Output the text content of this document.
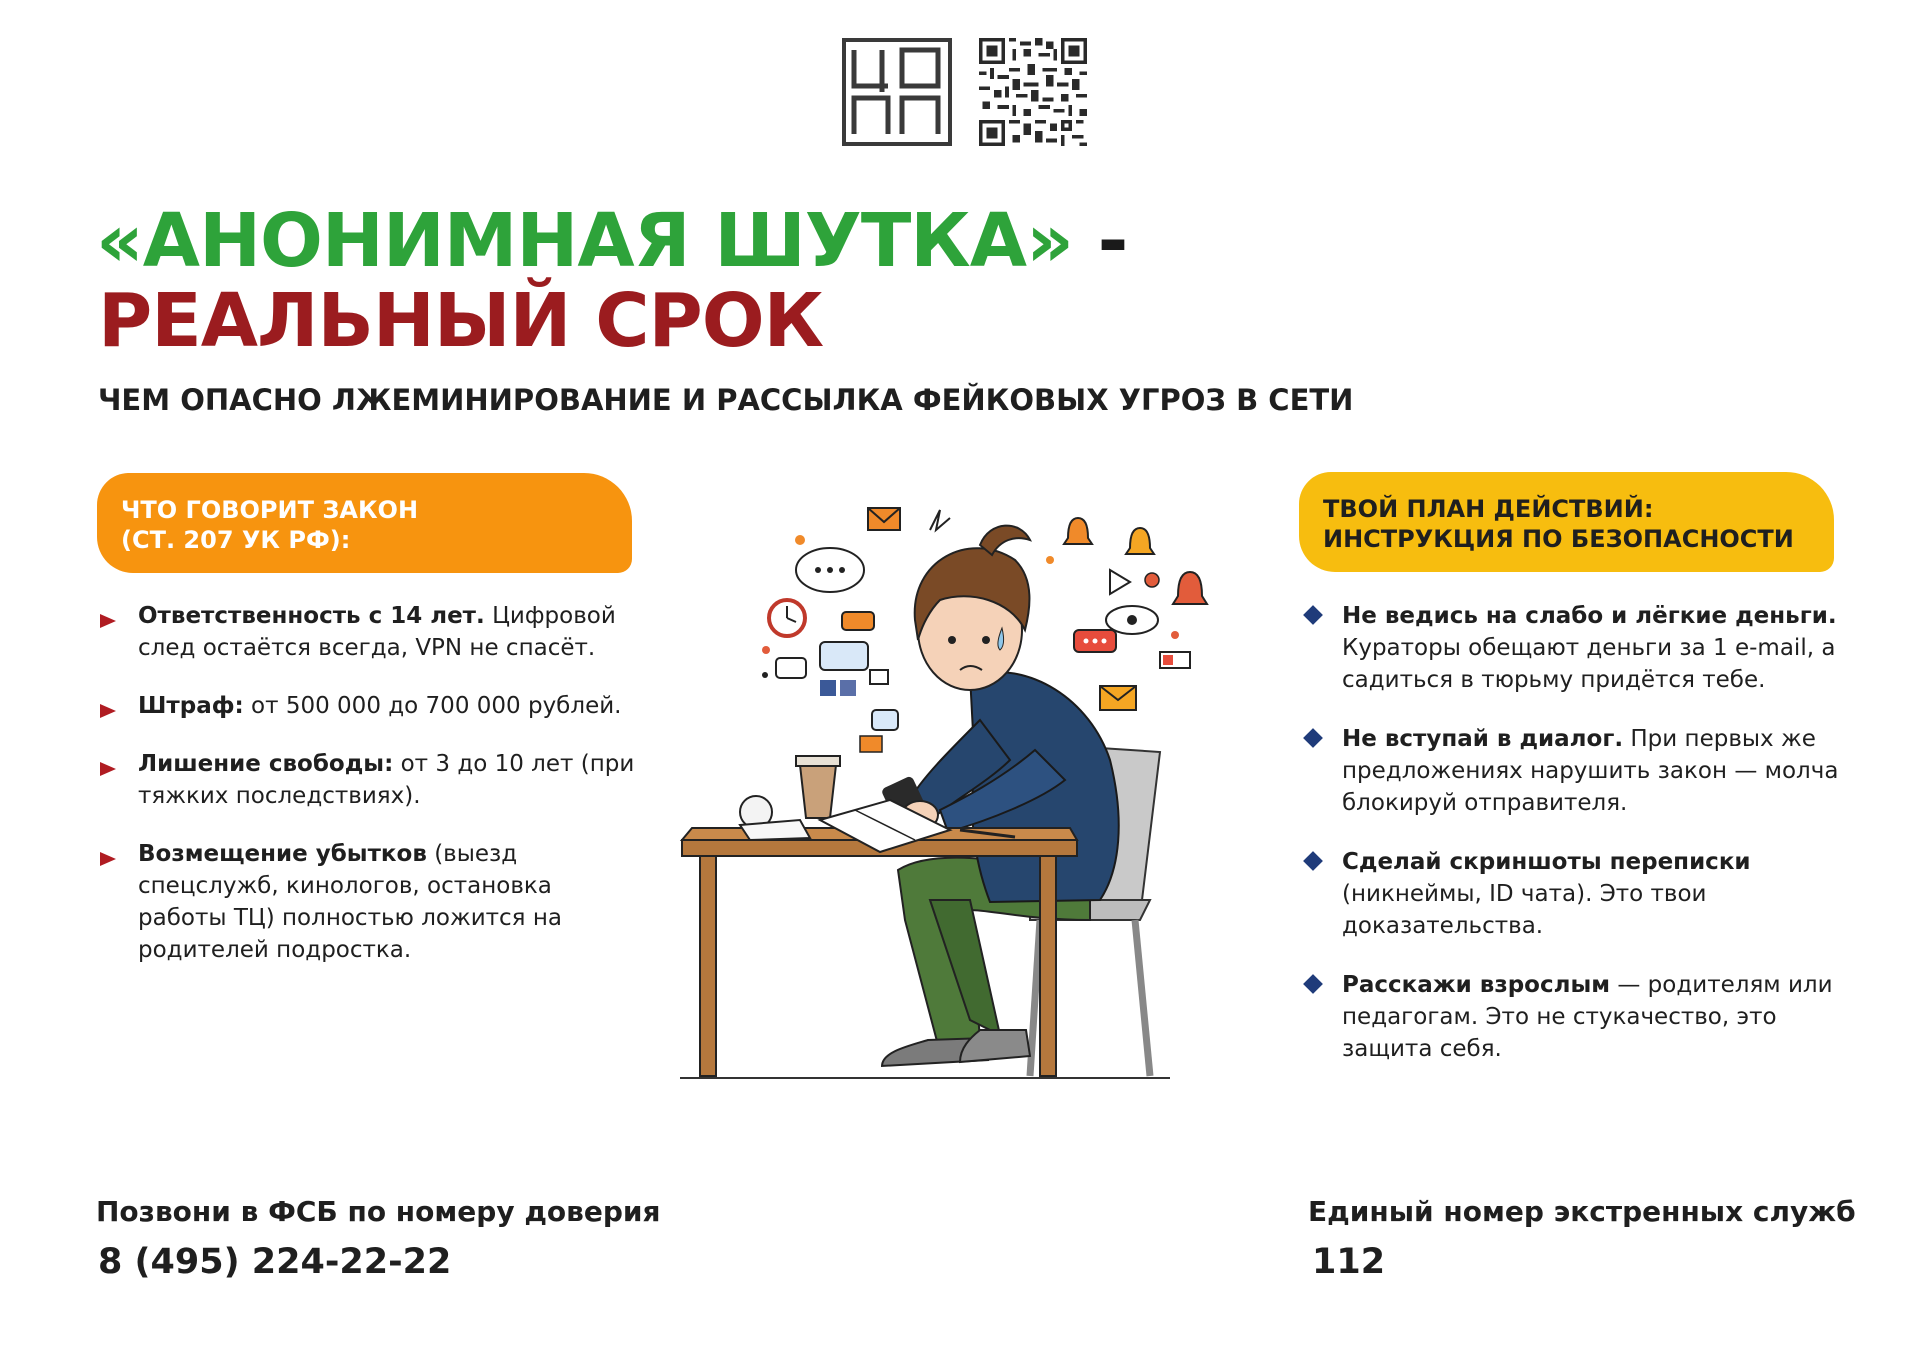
«АНОНИМНАЯ ШУТКА» -
РЕАЛЬНЫЙ СРОК
ЧЕМ ОПАСНО ЛЖЕМИНИРОВАНИЕ И РАССЫЛКА ФЕЙКОВЫХ УГРОЗ В СЕТИ
ЧТО ГОВОРИТ ЗАКОН
(СТ. 207 УК РФ):
Ответственность с 14 лет. Цифровой след остаётся всегда, VPN не спасёт.
Штраф: от 500 000 до 700 000 рублей.
Лишение свободы: от 3 до 10 лет (при тяжких последствиях).
Возмещение убытков (выезд спецслужб, кинологов, остановка работы ТЦ) полностью ложится на родителей подростка.
ТВОЙ ПЛАН ДЕЙСТВИЙ:
ИНСТРУКЦИЯ ПО БЕЗОПАСНОСТИ
Не ведись на слабо и лёгкие деньги. Кураторы обещают деньги за 1 e-mail, а садиться в тюрьму придётся тебе.
Не вступай в диалог. При первых же предложениях нарушить закон — молча блокируй отправителя.
Сделай скриншоты переписки (никнеймы, ID чата). Это твои доказательства.
Расскажи взрослым — родителям или педагогам. Это не стукачество, это защита себя.
Позвони в ФСБ по номеру доверия
8 (495) 224-22-22
Единый номер экстренных служб
112
